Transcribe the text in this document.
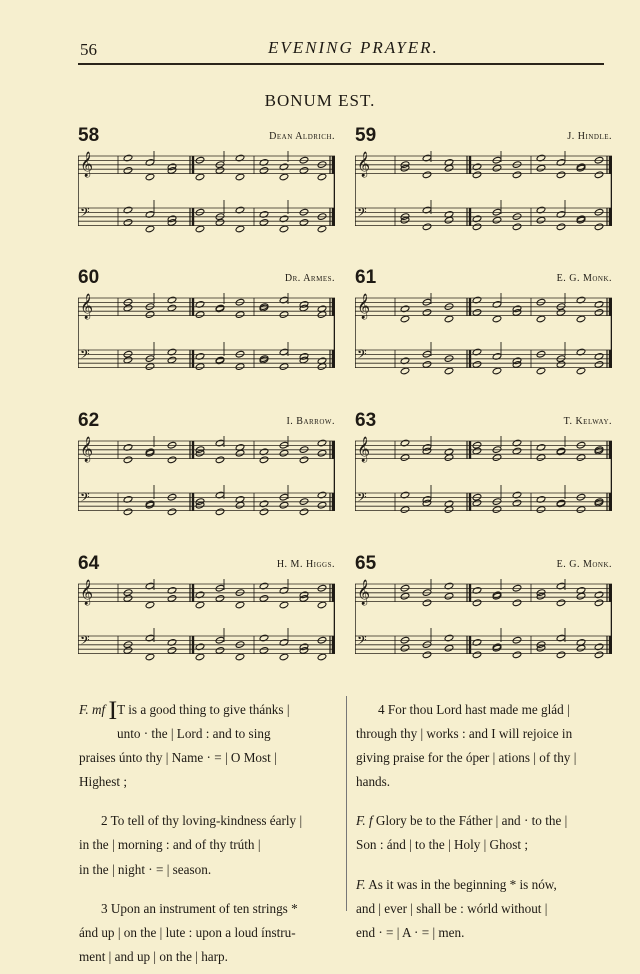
56	EVENING PRAYER.
BONUM EST.
58	Dean Aldrich.
𝄞
𝄢
59	J. Hindle.
𝄞
𝄢
60	Dr. Armes.
𝄞
𝄢
61	E. G. Monk.
𝄞
𝄢
62	I. Barrow.
𝄞
𝄢
63	T. Kelway.
𝄞
𝄢
64	H. M. Higgs.
𝄞
𝄢
65	E. G. Monk.
𝄞
𝄢

F. mf IT is a good thing to give thánks |

unto · the | Lord : and to sing

praises únto thy | Name · = | O Most |

Highest ;

2 To tell of thy loving-kindness éarly |

in the | morning : and of thy trúth |

in the | night · = | season.

3 Upon an instrument of ten strings *

ánd up | on the | lute : upon a loud ínstru-

ment | and up | on the | harp.

4 For thou Lord hast made me glád |

through thy | works : and I will rejoice in

giving praise for the óper | ations | of thy |

hands.

F. f Glory be to the Fáther | and · to the |

Son : ánd | to the | Holy | Ghost ;

F. As it was in the beginning * is nów,

and | ever | shall be : wórld without |

end · = | A · = | men.
